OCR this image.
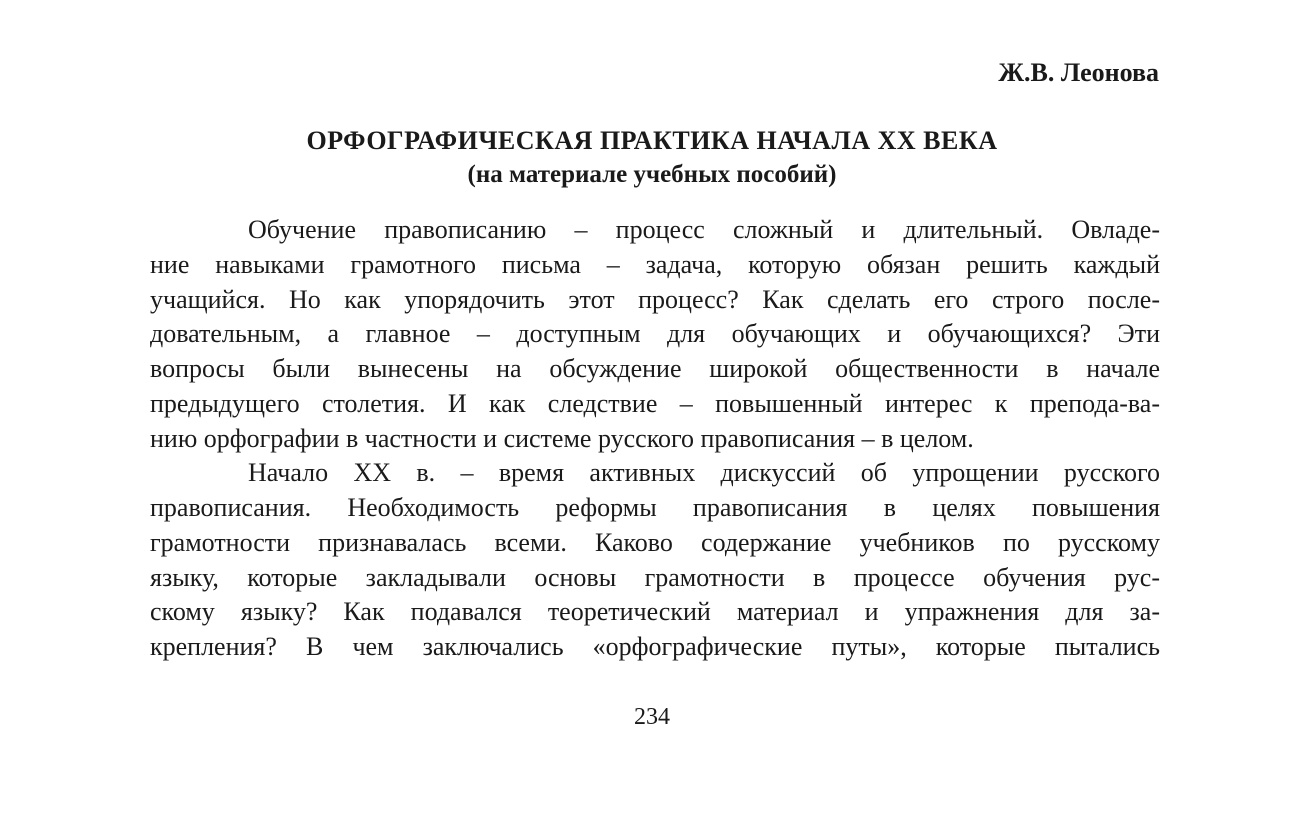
Ж.В. Леонова
ОРФОГРАФИЧЕСКАЯ ПРАКТИКА НАЧАЛА XX ВЕКА
(на материале учебных пособий)
Обучение правописанию – процесс сложный и длительный. Овладе-
ние навыками грамотного письма – задача, которую обязан решить каждый
учащийся. Но как упорядочить этот процесс? Как сделать его строго после-
довательным, а главное – доступным для обучающих и обучающихся? Эти
вопросы были вынесены на обсуждение широкой общественности в начале
предыдущего столетия. И как следствие – повышенный интерес к препода-ва-
нию орфографии в частности и системе русского правописания – в целом.
Начало XX в. – время активных дискуссий об упрощении русского
правописания. Необходимость реформы правописания в целях повышения
грамотности признавалась всеми. Каково содержание учебников по русскому
языку, которые закладывали основы грамотности в процессе обучения рус-
скому языку? Как подавался теоретический материал и упражнения для за-
крепления? В чем заключались «орфографические путы», которые пытались
234
